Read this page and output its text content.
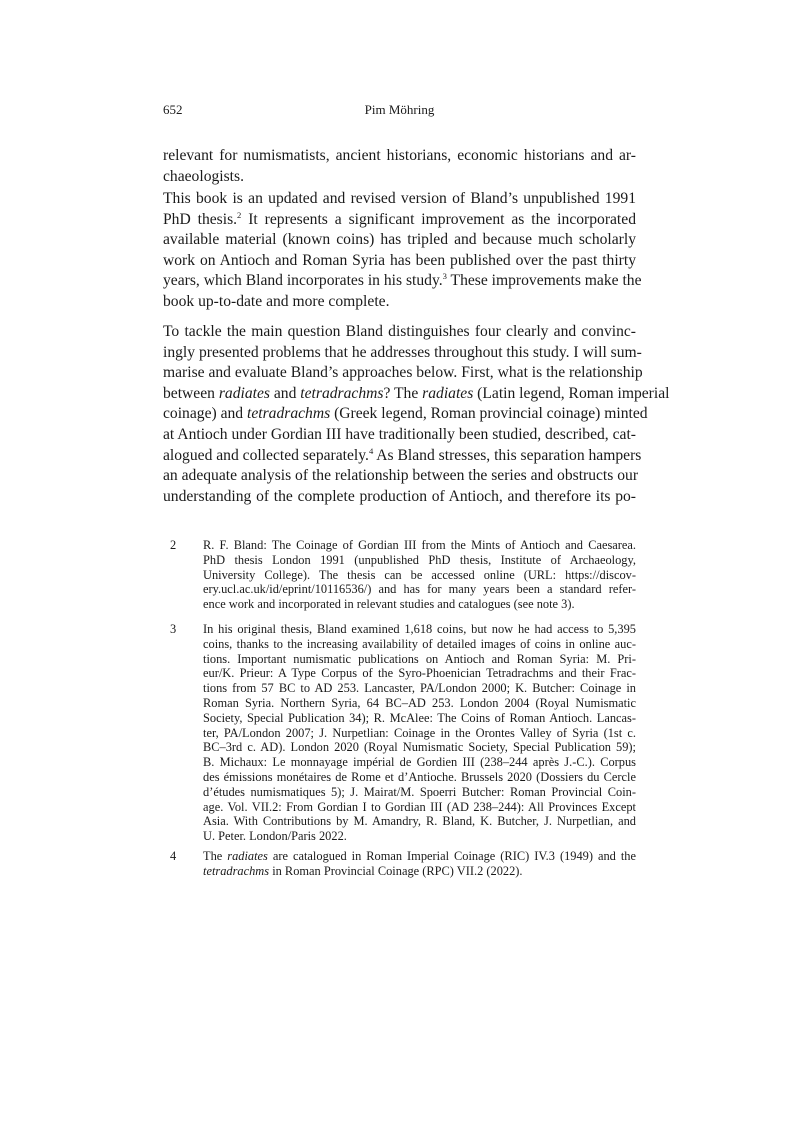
652	Pim Möhring
relevant for numismatists, ancient historians, economic historians and ar-
chaeologists.
This book is an updated and revised version of Bland’s unpublished 1991
PhD thesis.$^2$ It represents a significant improvement as the incorporated
available material (known coins) has tripled and because much scholarly
work on Antioch and Roman Syria has been published over the past thirty
years, which Bland incorporates in his study.$^3$ These improvements make the
book up-to-date and more complete.
To tackle the main question Bland distinguishes four clearly and convinc-
ingly presented problems that he addresses throughout this study. I will sum-
marise and evaluate Bland’s approaches below. First, what is the relationship
between radiates and tetradrachms? The radiates (Latin legend, Roman imperial
coinage) and tetradrachms (Greek legend, Roman provincial coinage) minted
at Antioch under Gordian III have traditionally been studied, described, cat-
alogued and collected separately.$^4$ As Bland stresses, this separation hampers
an adequate analysis of the relationship between the series and obstructs our
understanding of the complete production of Antioch, and therefore its po-
2 R. F. Bland: The Coinage of Gordian III from the Mints of Antioch and Caesarea.
PhD thesis London 1991 (unpublished PhD thesis, Institute of Archaeology,
University College). The thesis can be accessed online (URL: https://discov-
ery.ucl.ac.uk/id/eprint/10116536/) and has for many years been a standard refer-
ence work and incorporated in relevant studies and catalogues (see note 3).
3 In his original thesis, Bland examined 1,618 coins, but now he had access to 5,395
coins, thanks to the increasing availability of detailed images of coins in online auc-
tions. Important numismatic publications on Antioch and Roman Syria: M. Pri-
eur/K. Prieur: A Type Corpus of the Syro-Phoenician Tetradrachms and their Frac-
tions from 57 BC to AD 253. Lancaster, PA/London 2000; K. Butcher: Coinage in
Roman Syria. Northern Syria, 64 BC–AD 253. London 2004 (Royal Numismatic
Society, Special Publication 34); R. McAlee: The Coins of Roman Antioch. Lancas-
ter, PA/London 2007; J. Nurpetlian: Coinage in the Orontes Valley of Syria (1st c.
BC–3rd c. AD). London 2020 (Royal Numismatic Society, Special Publication 59);
B. Michaux: Le monnayage impérial de Gordien III (238–244 après J.-C.). Corpus
des émissions monétaires de Rome et d’Antioche. Brussels 2020 (Dossiers du Cercle
d’études numismatiques 5); J. Mairat/M. Spoerri Butcher: Roman Provincial Coin-
age. Vol. VII.2: From Gordian I to Gordian III (AD 238–244): All Provinces Except
Asia. With Contributions by M. Amandry, R. Bland, K. Butcher, J. Nurpetlian, and
U. Peter. London/Paris 2022.
4 The radiates are catalogued in Roman Imperial Coinage (RIC) IV.3 (1949) and the
tetradrachms in Roman Provincial Coinage (RPC) VII.2 (2022).
